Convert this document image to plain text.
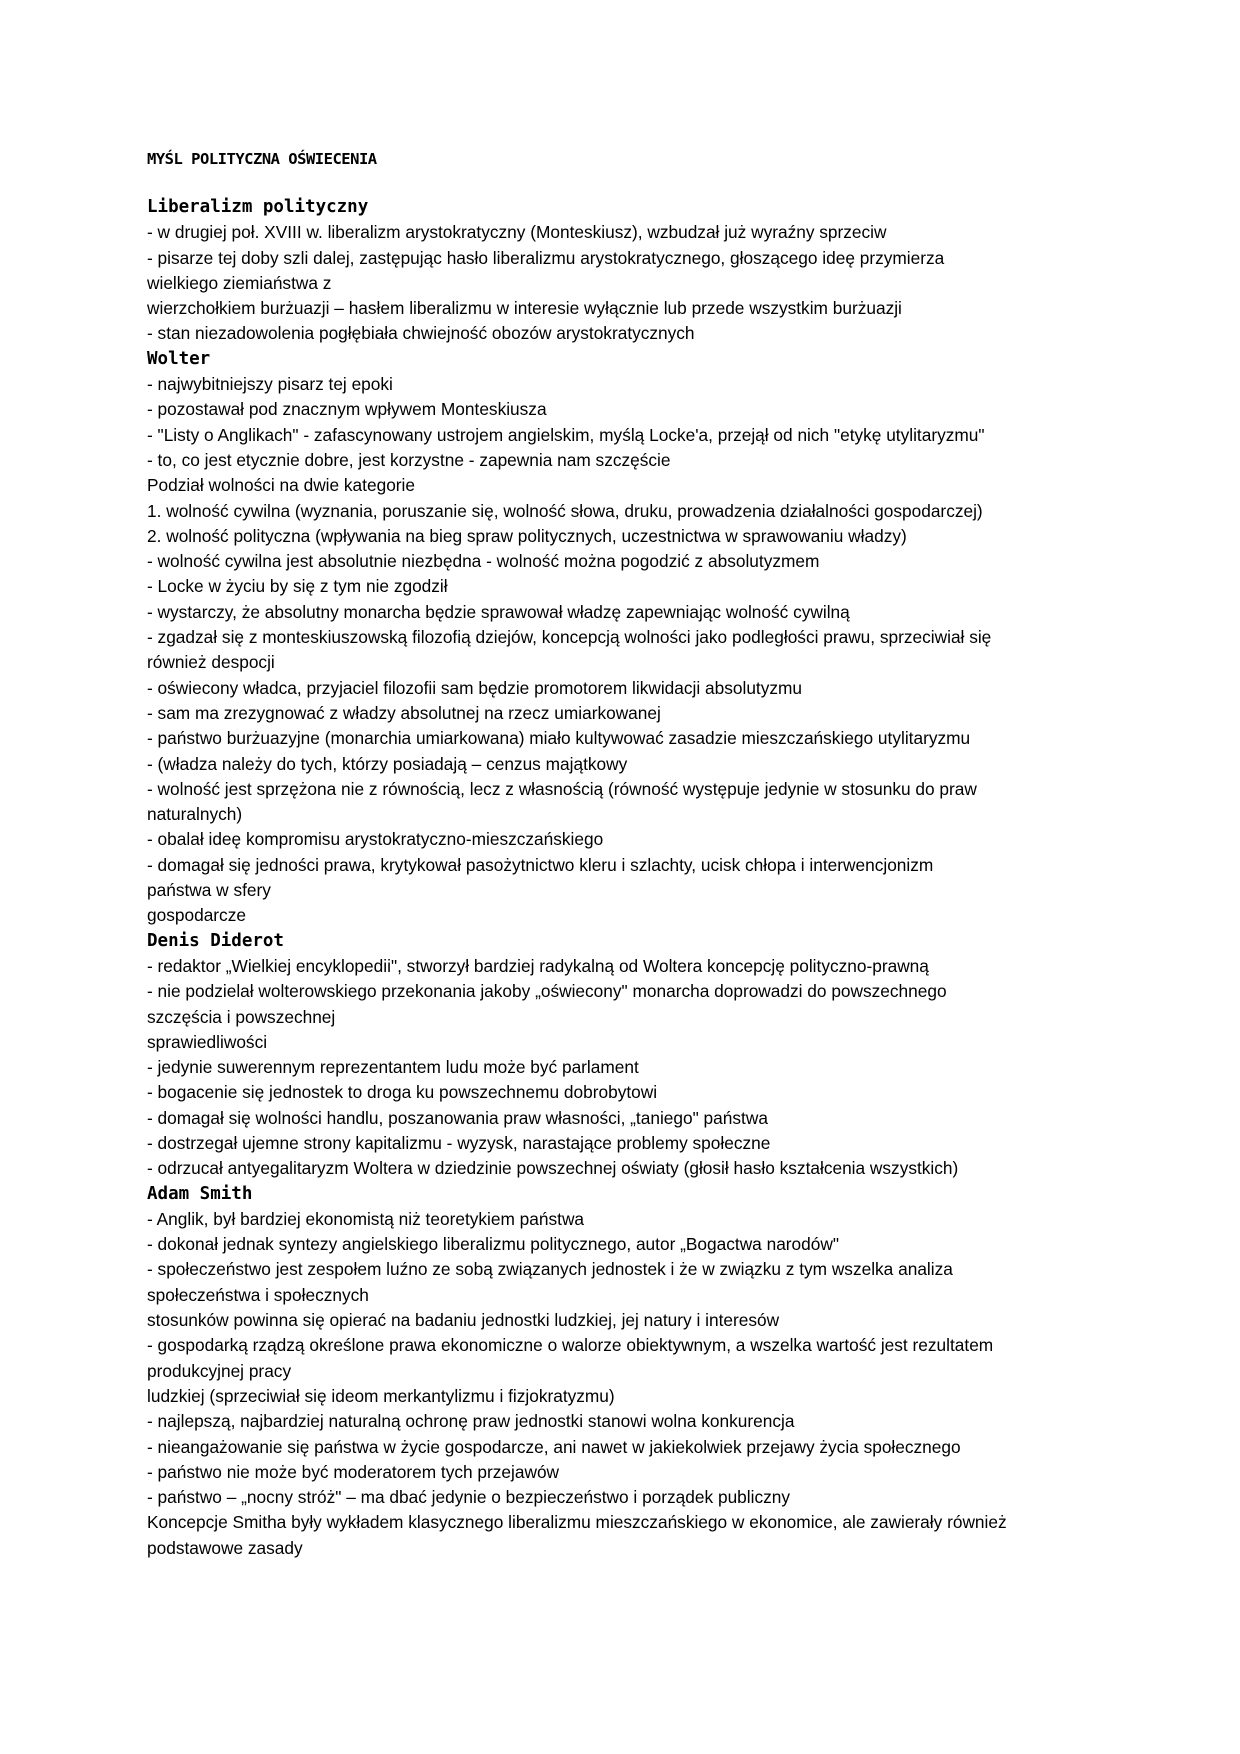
MYŚL POLITYCZNA OŚWIECENIA
Liberalizm polityczny
- w drugiej poł. XVIII w. liberalizm arystokratyczny (Monteskiusz), wzbudzał już wyraźny sprzeciw
- pisarze tej doby szli dalej, zastępując hasło liberalizmu arystokratycznego, głoszącego ideę przymierza
wielkiego ziemiaństwa z
wierzchołkiem burżuazji – hasłem liberalizmu w interesie wyłącznie lub przede wszystkim burżuazji
- stan niezadowolenia pogłębiała chwiejność obozów arystokratycznych
Wolter
- najwybitniejszy pisarz tej epoki
- pozostawał pod znacznym wpływem Monteskiusza
- "Listy o Anglikach" - zafascynowany ustrojem angielskim, myślą Locke'a, przejął od nich "etykę utylitaryzmu"
- to, co jest etycznie dobre, jest korzystne - zapewnia nam szczęście
Podział wolności na dwie kategorie
1. wolność cywilna (wyznania, poruszanie się, wolność słowa, druku, prowadzenia działalności gospodarczej)
2. wolność polityczna (wpływania na bieg spraw politycznych, uczestnictwa w sprawowaniu władzy)
- wolność cywilna jest absolutnie niezbędna - wolność można pogodzić z absolutyzmem
- Locke w życiu by się z tym nie zgodził
- wystarczy, że absolutny monarcha będzie sprawował władzę zapewniając wolność cywilną
- zgadzał się z monteskiuszowską filozofią dziejów, koncepcją wolności jako podległości prawu, sprzeciwiał się
również despocji
- oświecony władca, przyjaciel filozofii sam będzie promotorem likwidacji absolutyzmu
- sam ma zrezygnować z władzy absolutnej na rzecz umiarkowanej
- państwo burżuazyjne (monarchia umiarkowana) miało kultywować zasadzie mieszczańskiego utylitaryzmu
- (władza należy do tych, którzy posiadają – cenzus majątkowy
- wolność jest sprzężona nie z równością, lecz z własnością (równość występuje jedynie w stosunku do praw
naturalnych)
- obalał ideę kompromisu arystokratyczno-mieszczańskiego
- domagał się jedności prawa, krytykował pasożytnictwo kleru i szlachty, ucisk chłopa i interwencjonizm
państwa w sfery
gospodarcze
Denis Diderot
- redaktor „Wielkiej encyklopedii", stworzył bardziej radykalną od Woltera koncepcję polityczno-prawną
- nie podzielał wolterowskiego przekonania jakoby „oświecony" monarcha doprowadzi do powszechnego
szczęścia i powszechnej
sprawiedliwości
- jedynie suwerennym reprezentantem ludu może być parlament
- bogacenie się jednostek to droga ku powszechnemu dobrobytowi
- domagał się wolności handlu, poszanowania praw własności, „taniego" państwa
- dostrzegał ujemne strony kapitalizmu - wyzysk, narastające problemy społeczne
- odrzucał antyegalitaryzm Woltera w dziedzinie powszechnej oświaty (głosił hasło kształcenia wszystkich)
Adam Smith
- Anglik, był bardziej ekonomistą niż teoretykiem państwa
- dokonał jednak syntezy angielskiego liberalizmu politycznego, autor „Bogactwa narodów"
- społeczeństwo jest zespołem luźno ze sobą związanych jednostek i że w związku z tym wszelka analiza
społeczeństwa i społecznych
stosunków powinna się opierać na badaniu jednostki ludzkiej, jej natury i interesów
- gospodarką rządzą określone prawa ekonomiczne o walorze obiektywnym, a wszelka wartość jest rezultatem
produkcyjnej pracy
ludzkiej (sprzeciwiał się ideom merkantylizmu i fizjokratyzmu)
- najlepszą, najbardziej naturalną ochronę praw jednostki stanowi wolna konkurencja
- nieangażowanie się państwa w życie gospodarcze, ani nawet w jakiekolwiek przejawy życia społecznego
- państwo nie może być moderatorem tych przejawów
- państwo – „nocny stróż" – ma dbać jedynie o bezpieczeństwo i porządek publiczny
Koncepcje Smitha były wykładem klasycznego liberalizmu mieszczańskiego w ekonomice, ale zawierały również
podstawowe zasady
